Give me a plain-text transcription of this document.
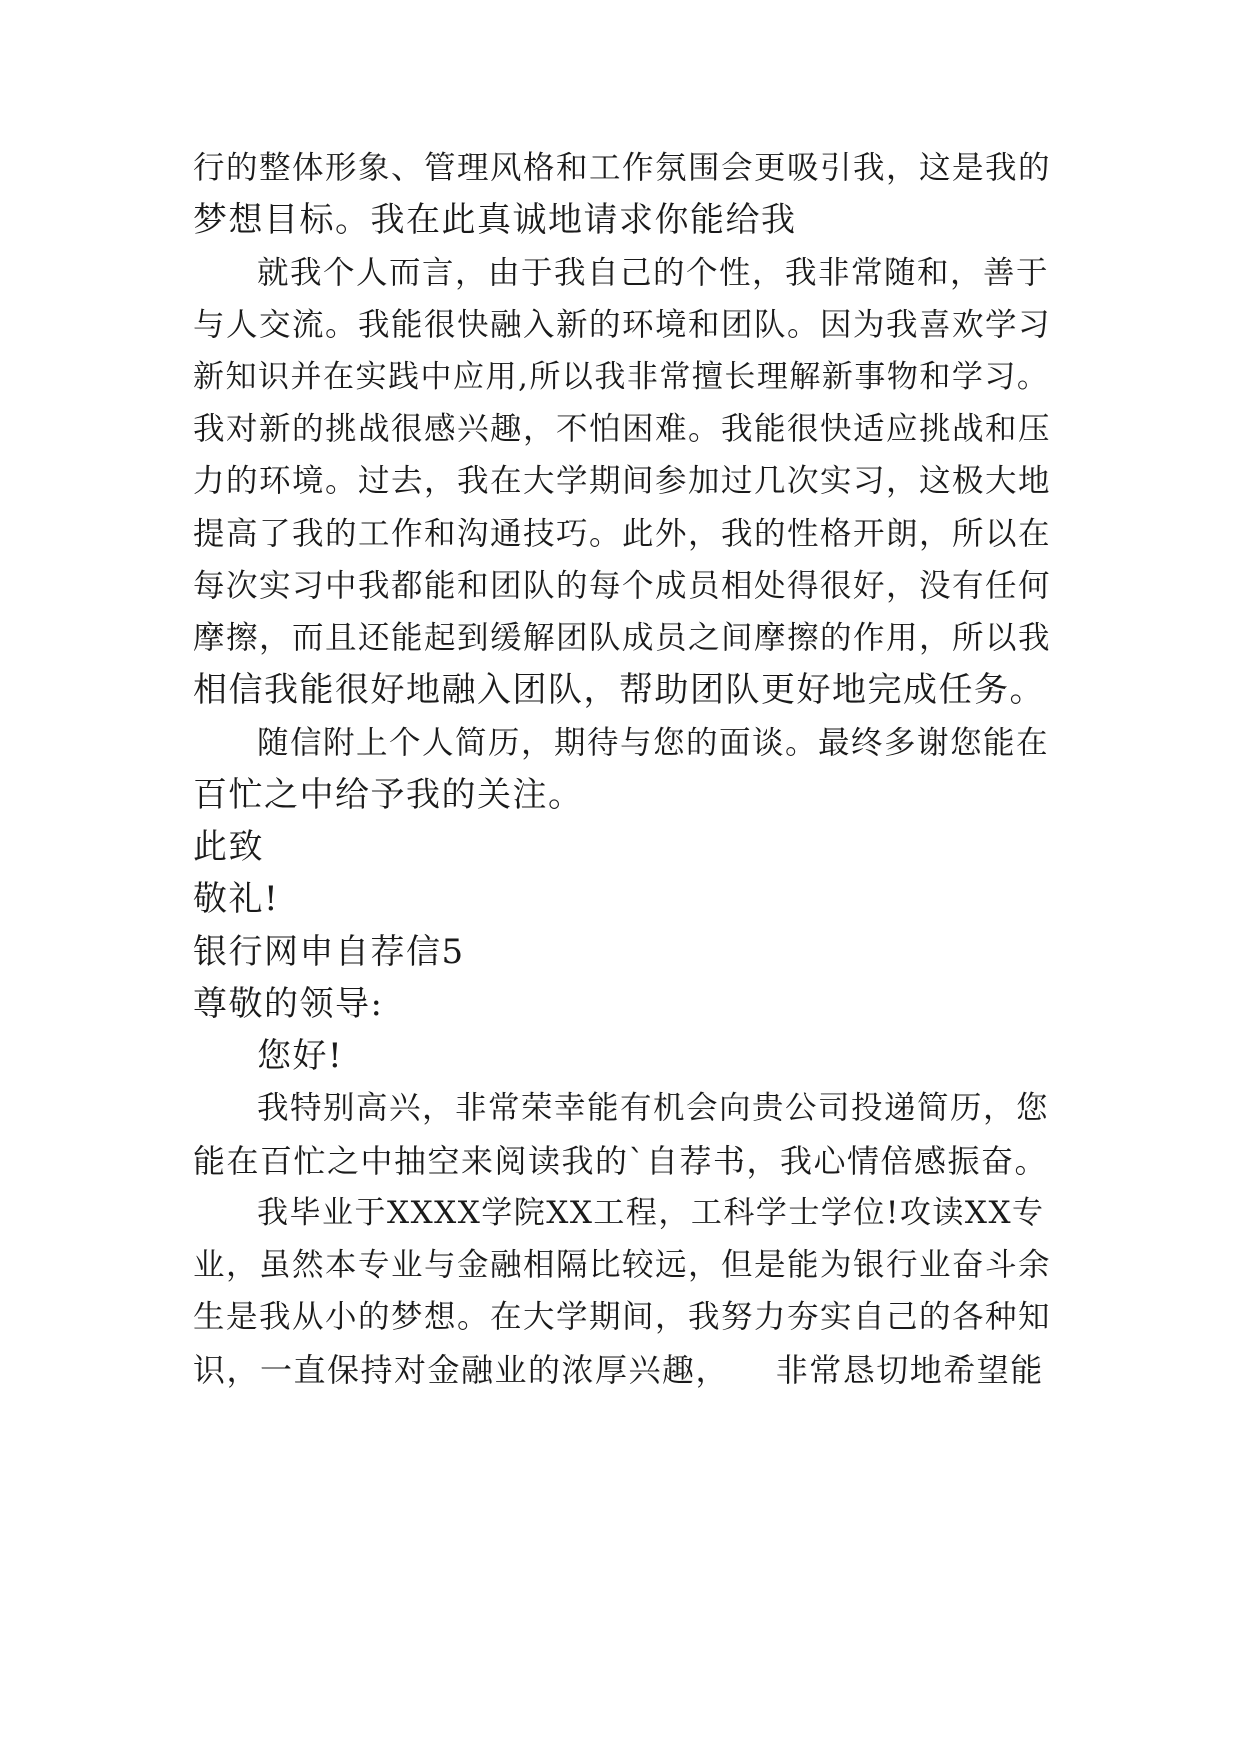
行的整体形象、管理风格和工作氛围会更吸引我，这是我的
梦想目标。我在此真诚地请求你能给我
就我个人而言，由于我自己的个性，我非常随和，善于
与人交流。我能很快融入新的环境和团队。因为我喜欢学习
新知识并在实践中应用,所以我非常擅长理解新事物和学习。
我对新的挑战很感兴趣，不怕困难。我能很快适应挑战和压
力的环境。过去，我在大学期间参加过几次实习，这极大地
提高了我的工作和沟通技巧。此外，我的性格开朗，所以在
每次实习中我都能和团队的每个成员相处得很好，没有任何
摩擦，而且还能起到缓解团队成员之间摩擦的作用，所以我
相信我能很好地融入团队，帮助团队更好地完成任务。
随信附上个人简历，期待与您的面谈。最终多谢您能在
百忙之中给予我的关注。
此致
敬礼!
银行网申自荐信5
尊敬的领导:
您好!
我特别高兴，非常荣幸能有机会向贵公司投递简历，您
能在百忙之中抽空来阅读我的`自荐书，我心情倍感振奋。
我毕业于XXXX学院XX工程，工科学士学位!攻读XX专
业，虽然本专业与金融相隔比较远，但是能为银行业奋斗余
生是我从小的梦想。在大学期间，我努力夯实自己的各种知
识，一直保持对金融业的浓厚兴趣，    非常恳切地希望能
